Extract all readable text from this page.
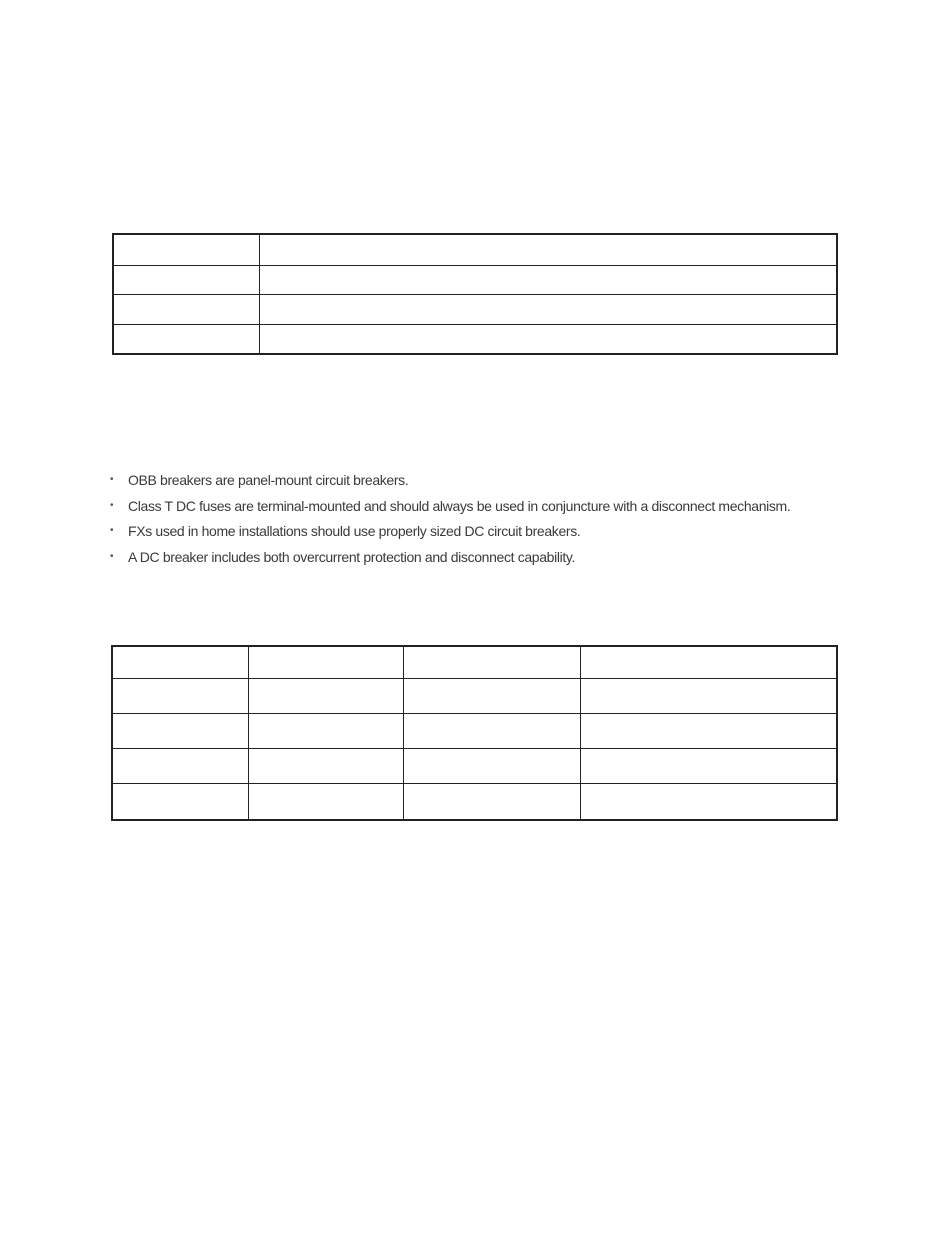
• OBB breakers are panel-mount circuit breakers.
• Class T DC fuses are terminal-mounted and should always be used in conjuncture with a disconnect mechanism.
• FXs used in home installations should use properly sized DC circuit breakers.
• A DC breaker includes both overcurrent protection and disconnect capability.
